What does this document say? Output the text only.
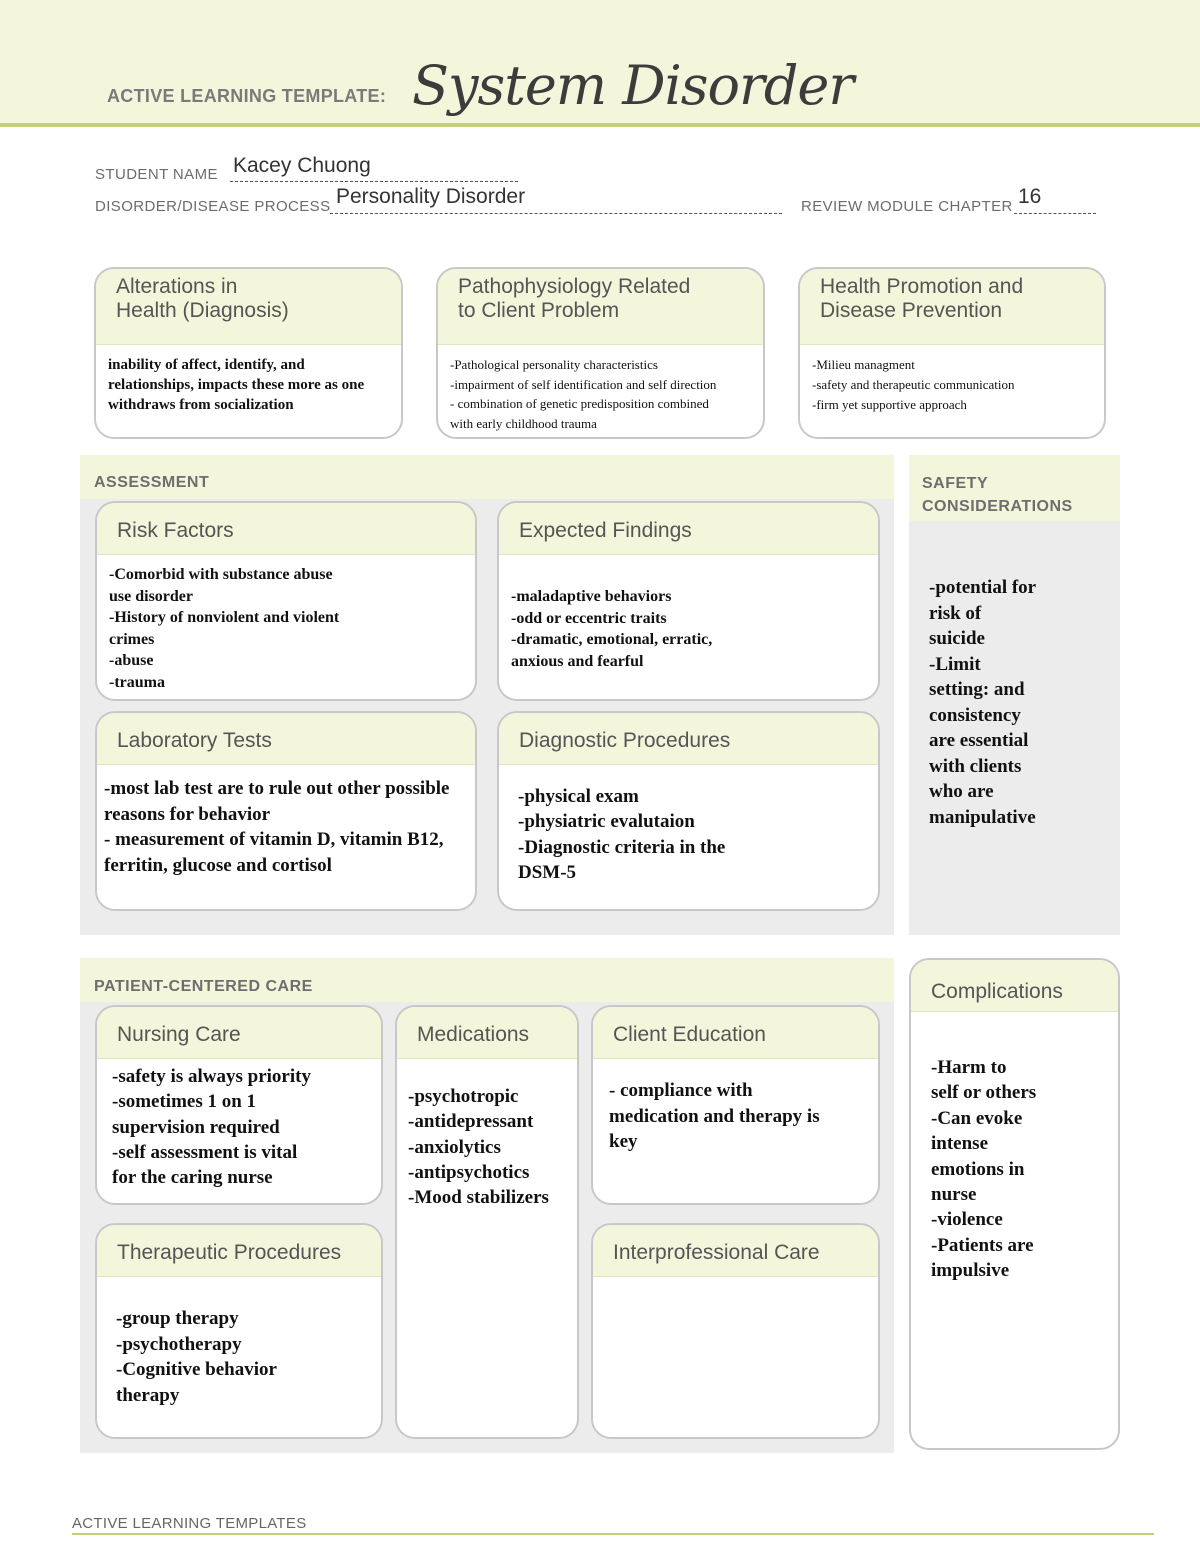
ACTIVE LEARNING TEMPLATE: System Disorder
STUDENT NAME Kacey Chuong
DISORDER/DISEASE PROCESS Personality Disorder	REVIEW MODULE CHAPTER 16
Alterations in
Health (Diagnosis)
inability of affect, identify, and
relationships, impacts these more as one
withdraws from socialization
Pathophysiology Related
to Client Problem
-Pathological personality characteristics
-impairment of self identification and self direction
- combination of genetic predisposition combined
with early childhood trauma
Health Promotion and
Disease Prevention
-Milieu managment
-safety and therapeutic communication
-firm yet supportive approach
ASSESSMENT
Risk Factors
-Comorbid with substance abuse
use disorder
-History of nonviolent and violent
crimes
-abuse
-trauma
Expected Findings
-maladaptive behaviors
-odd or eccentric traits
-dramatic, emotional, erratic,
anxious and fearful
Laboratory Tests
-most lab test are to rule out other possible
reasons for behavior
- measurement of vitamin D, vitamin B12,
ferritin, glucose and cortisol
Diagnostic Procedures
-physical exam
-physiatric evalutaion
-Diagnostic criteria in the
DSM-5
SAFETY
CONSIDERATIONS
-potential for
risk of
suicide
-Limit
setting: and
consistency
are essential
with clients
who are
manipulative
PATIENT-CENTERED CARE
Nursing Care
-safety is always priority
-sometimes 1 on 1
supervision required
-self assessment is vital
for the caring nurse
Medications
-psychotropic
-antidepressant
-anxiolytics
-antipsychotics
-Mood stabilizers
Client Education
- compliance with
medication and therapy is
key
Therapeutic Procedures
-group therapy
-psychotherapy
-Cognitive behavior
therapy
Interprofessional Care
Complications
-Harm to
self or others
-Can evoke
intense
emotions in
nurse
-violence
-Patients are
impulsive
ACTIVE LEARNING TEMPLATES
